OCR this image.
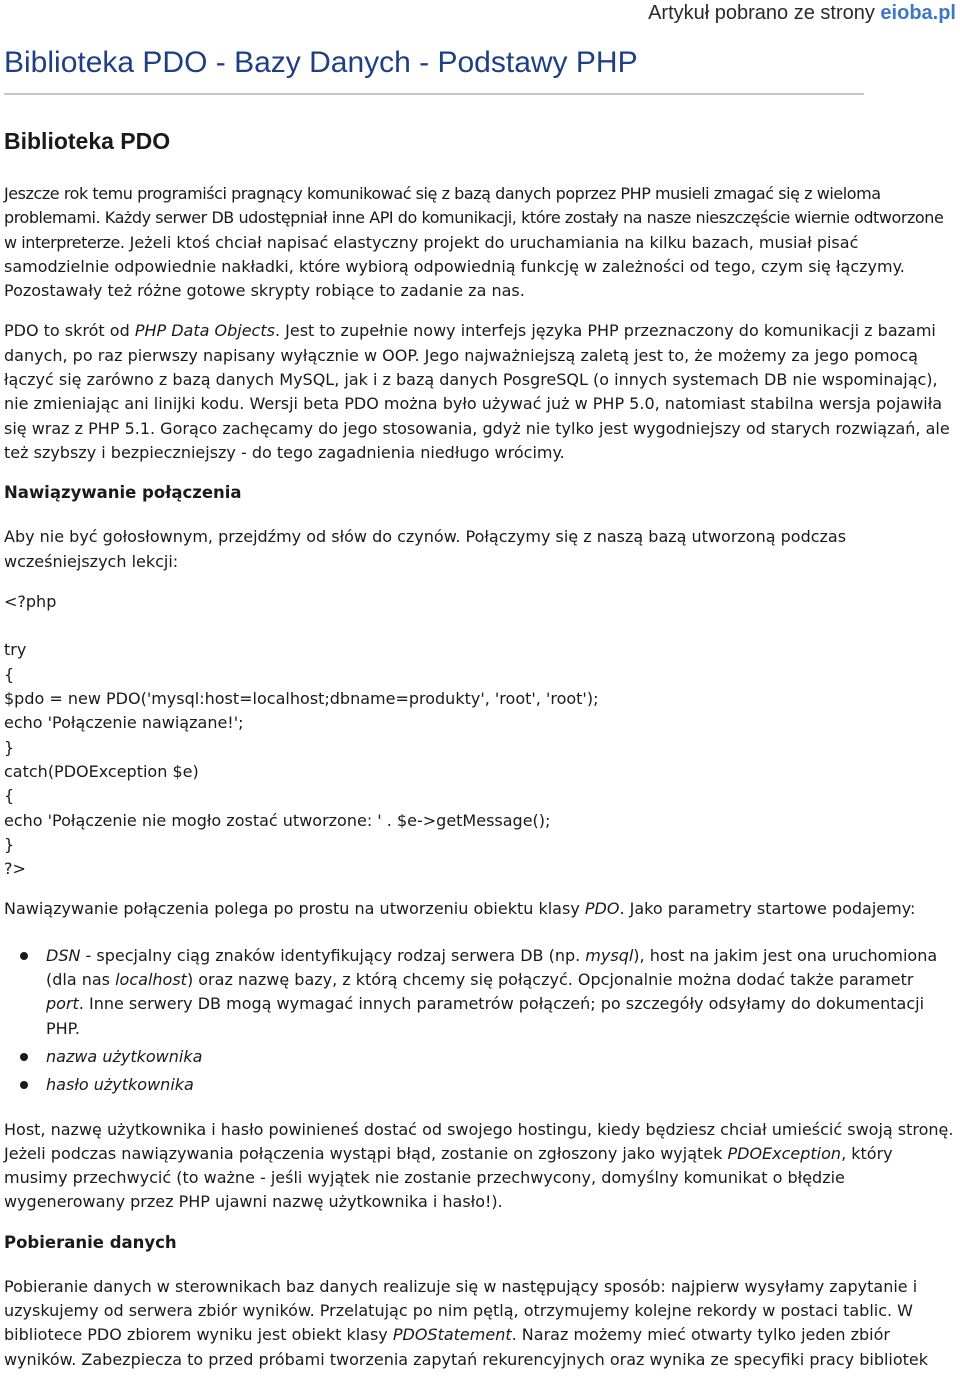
Artykuł pobrano ze strony eioba.pl
Biblioteka PDO - Bazy Danych - Podstawy PHP
Biblioteka PDO

Jeszcze rok temu programiści pragnący komunikować się z bazą danych poprzez PHP musieli zmagać się z wieloma problemami. Każdy serwer DB udostępniał inne API do komunikacji, które zostały na nasze nieszczęście wiernie odtworzone w interpreterze. Jeżeli ktoś chciał napisać elastyczny projekt do uruchamiania na kilku bazach, musiał pisać samodzielnie odpowiednie nakładki, które wybiorą odpowiednią funkcję w zależności od tego, czym się łączymy. Pozostawały też różne gotowe skrypty robiące to zadanie za nas.

PDO to skrót od PHP Data Objects. Jest to zupełnie nowy interfejs języka PHP przeznaczony do komunikacji z bazami danych, po raz pierwszy napisany wyłącznie w OOP. Jego najważniejszą zaletą jest to, że możemy za jego pomocą łączyć się zarówno z bazą danych MySQL, jak i z bazą danych PosgreSQL (o innych systemach DB nie wspominając), nie zmieniając ani linijki kodu. Wersji beta PDO można było używać już w PHP 5.0, natomiast stabilna wersja pojawiła się wraz z PHP 5.1. Gorąco zachęcamy do jego stosowania, gdyż nie tylko jest wygodniejszy od starych rozwiązań, ale też szybszy i bezpieczniejszy - do tego zagadnienia niedługo wrócimy.

Nawiązywanie połączenia

Aby nie być gołosłownym, przejdźmy od słów do czynów. Połączymy się z naszą bazą utworzoną podczas wcześniejszych lekcji:

<?php
try
{
$pdo = new PDO('mysql:host=localhost;dbname=produkty', 'root', 'root');
echo 'Połączenie nawiązane!';
}
catch(PDOException $e)
{
echo 'Połączenie nie mogło zostać utworzone: ' . $e->getMessage();
}
?>

Nawiązywanie połączenia polega po prostu na utworzeniu obiektu klasy PDO. Jako parametry startowe podajemy:

DSN - specjalny ciąg znaków identyfikujący rodzaj serwera DB (np. mysql), host na jakim jest ona uruchomiona (dla nas localhost) oraz nazwę bazy, z którą chcemy się połączyć. Opcjonalnie można dodać także parametr port. Inne serwery DB mogą wymagać innych parametrów połączeń; po szczegóły odsyłamy do dokumentacji PHP.
nazwa użytkownika
hasło użytkownika

Host, nazwę użytkownika i hasło powinieneś dostać od swojego hostingu, kiedy będziesz chciał umieścić swoją stronę. Jeżeli podczas nawiązywania połączenia wystąpi błąd, zostanie on zgłoszony jako wyjątek PDOException, który musimy przechwycić (to ważne - jeśli wyjątek nie zostanie przechwycony, domyślny komunikat o błędzie wygenerowany przez PHP ujawni nazwę użytkownika i hasło!).

Pobieranie danych

Pobieranie danych w sterownikach baz danych realizuje się w następujący sposób: najpierw wysyłamy zapytanie i uzyskujemy od serwera zbiór wyników. Przelatując po nim pętlą, otrzymujemy kolejne rekordy w postaci tablic. W bibliotece PDO zbiorem wyniku jest obiekt klasy PDOStatement. Naraz możemy mieć otwarty tylko jeden zbiór wyników. Zabezpiecza to przed próbami tworzenia zapytań rekurencyjnych oraz wynika ze specyfiki pracy bibliotek
